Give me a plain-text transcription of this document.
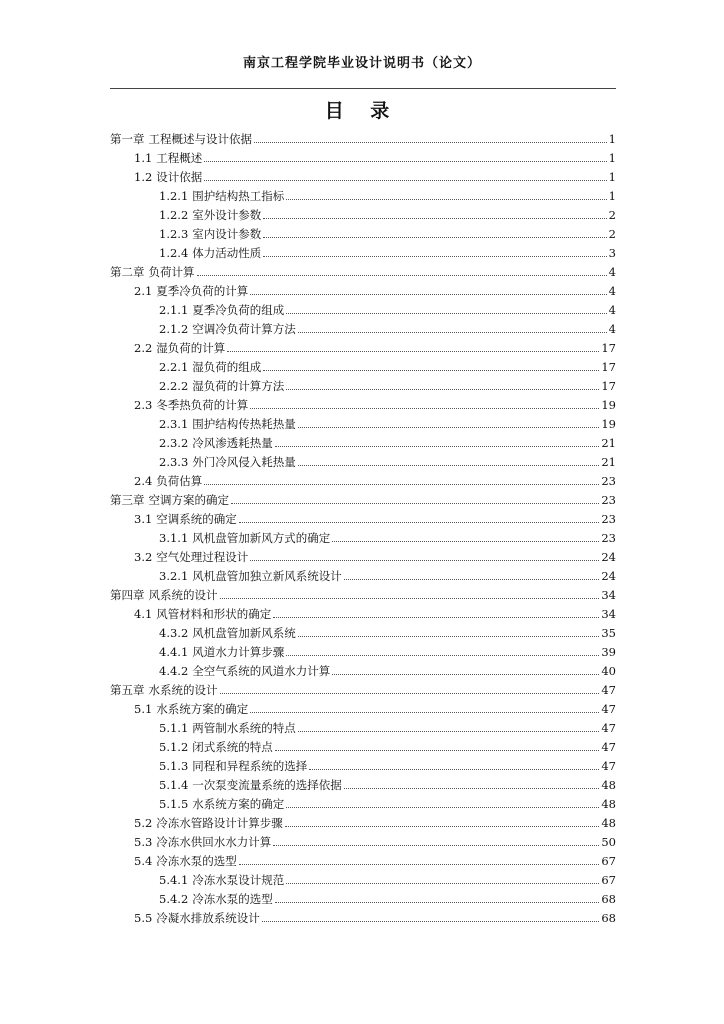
南京工程学院毕业设计说明书（论文）
目 录
第一章 工程概述与设计依据	1
1.1 工程概述	1
1.2 设计依据	1
1.2.1 围护结构热工指标	1
1.2.2 室外设计参数	2
1.2.3 室内设计参数	2
1.2.4 体力活动性质	3
第二章 负荷计算	4
2.1 夏季冷负荷的计算	4
2.1.1 夏季冷负荷的组成	4
2.1.2 空调冷负荷计算方法	4
2.2 湿负荷的计算	17
2.2.1 湿负荷的组成	17
2.2.2 湿负荷的计算方法	17
2.3 冬季热负荷的计算	19
2.3.1 围护结构传热耗热量	19
2.3.2 冷风渗透耗热量	21
2.3.3 外门冷风侵入耗热量	21
2.4 负荷估算	23
第三章 空调方案的确定	23
3.1 空调系统的确定	23
3.1.1 风机盘管加新风方式的确定	23
3.2 空气处理过程设计	24
3.2.1 风机盘管加独立新风系统设计	24
第四章 风系统的设计	34
4.1 风管材料和形状的确定	34
4.3.2 风机盘管加新风系统	35
4.4.1 风道水力计算步骤	39
4.4.2 全空气系统的风道水力计算	40
第五章 水系统的设计	47
5.1 水系统方案的确定	47
5.1.1 两管制水系统的特点	47
5.1.2 闭式系统的特点	47
5.1.3 同程和异程系统的选择	47
5.1.4 一次泵变流量系统的选择依据	48
5.1.5 水系统方案的确定	48
5.2 冷冻水管路设计计算步骤	48
5.3 冷冻水供回水水力计算	50
5.4 冷冻水泵的选型	67
5.4.1 冷冻水泵设计规范	67
5.4.2 冷冻水泵的选型	68
5.5 冷凝水排放系统设计	68
